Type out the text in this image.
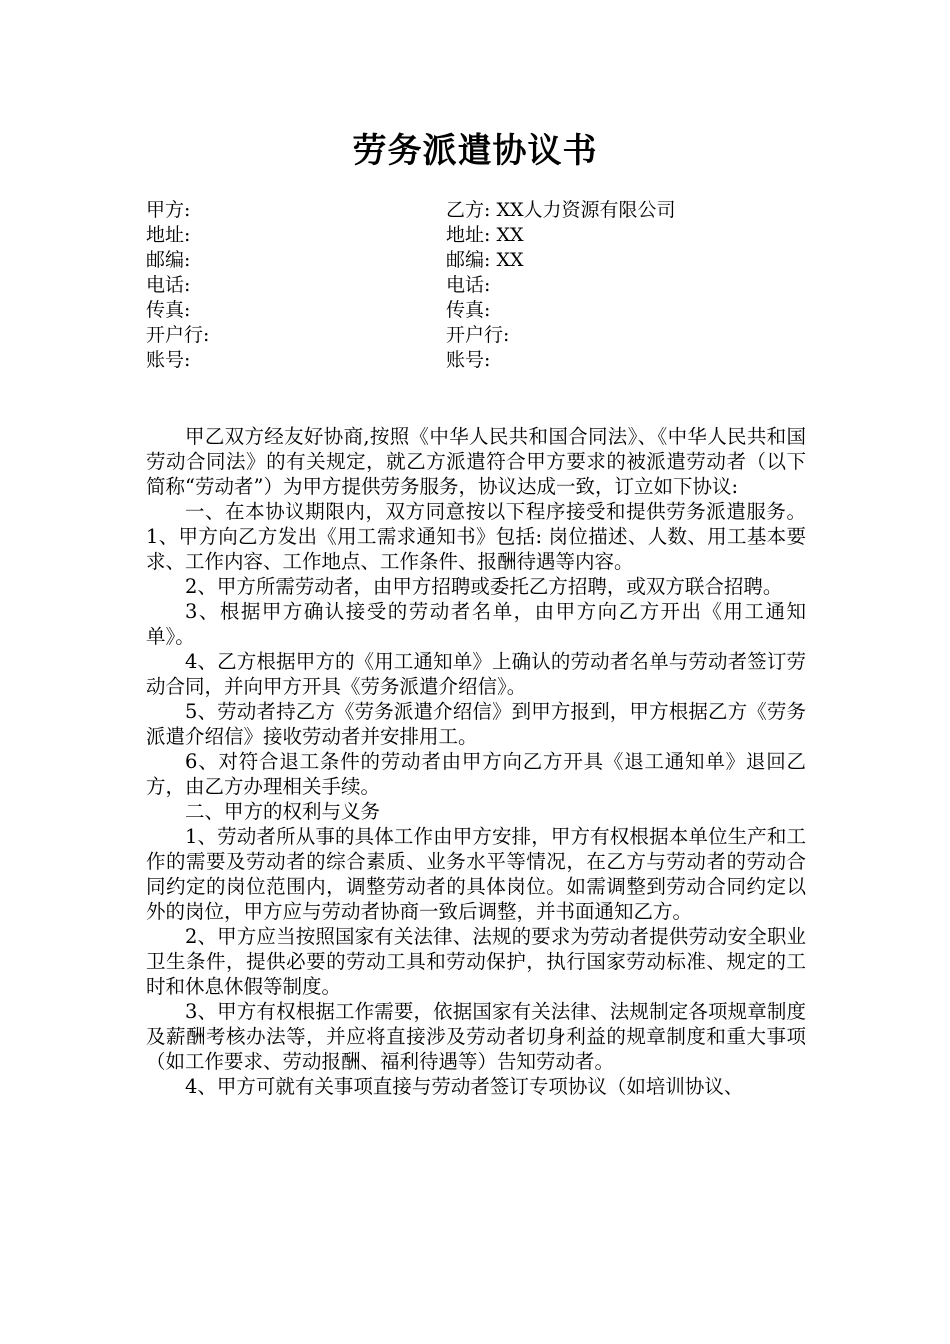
劳务派遣协议书
甲方:	乙方: XX人力资源有限公司
地址:	地址: XX
邮编:	邮编: XX
电话:	电话:
传真:	传真:
开户行:	开户行:
账号:	账号:

甲乙双方经友好协商,按照《中华人民共和国合同法》、《中华人民共和国劳动合同法》的有关规定，就乙方派遣符合甲方要求的被派遣劳动者（以下简称“劳动者”）为甲方提供劳务服务，协议达成一致，订立如下协议:

一、在本协议期限内，双方同意按以下程序接受和提供劳务派遣服务。1、甲方向乙方发出《用工需求通知书》包括: 岗位描述、人数、用工基本要求、工作内容、工作地点、工作条件、报酬待遇等内容。

2、甲方所需劳动者，由甲方招聘或委托乙方招聘，或双方联合招聘。

3、根据甲方确认接受的劳动者名单，由甲方向乙方开出《用工通知单》。

4、乙方根据甲方的《用工通知单》上确认的劳动者名单与劳动者签订劳动合同，并向甲方开具《劳务派遣介绍信》。

5、劳动者持乙方《劳务派遣介绍信》到甲方报到，甲方根据乙方《劳务派遣介绍信》接收劳动者并安排用工。

6、对符合退工条件的劳动者由甲方向乙方开具《退工通知单》退回乙方，由乙方办理相关手续。

二、甲方的权利与义务

1、劳动者所从事的具体工作由甲方安排，甲方有权根据本单位生产和工作的需要及劳动者的综合素质、业务水平等情况，在乙方与劳动者的劳动合同约定的岗位范围内，调整劳动者的具体岗位。如需调整到劳动合同约定以外的岗位，甲方应与劳动者协商一致后调整，并书面通知乙方。

2、甲方应当按照国家有关法律、法规的要求为劳动者提供劳动安全职业卫生条件，提供必要的劳动工具和劳动保护，执行国家劳动标准、规定的工时和休息休假等制度。

3、甲方有权根据工作需要，依据国家有关法律、法规制定各项规章制度及薪酬考核办法等，并应将直接涉及劳动者切身利益的规章制度和重大事项（如工作要求、劳动报酬、福利待遇等）告知劳动者。

4、甲方可就有关事项直接与劳动者签订专项协议（如培训协议、
